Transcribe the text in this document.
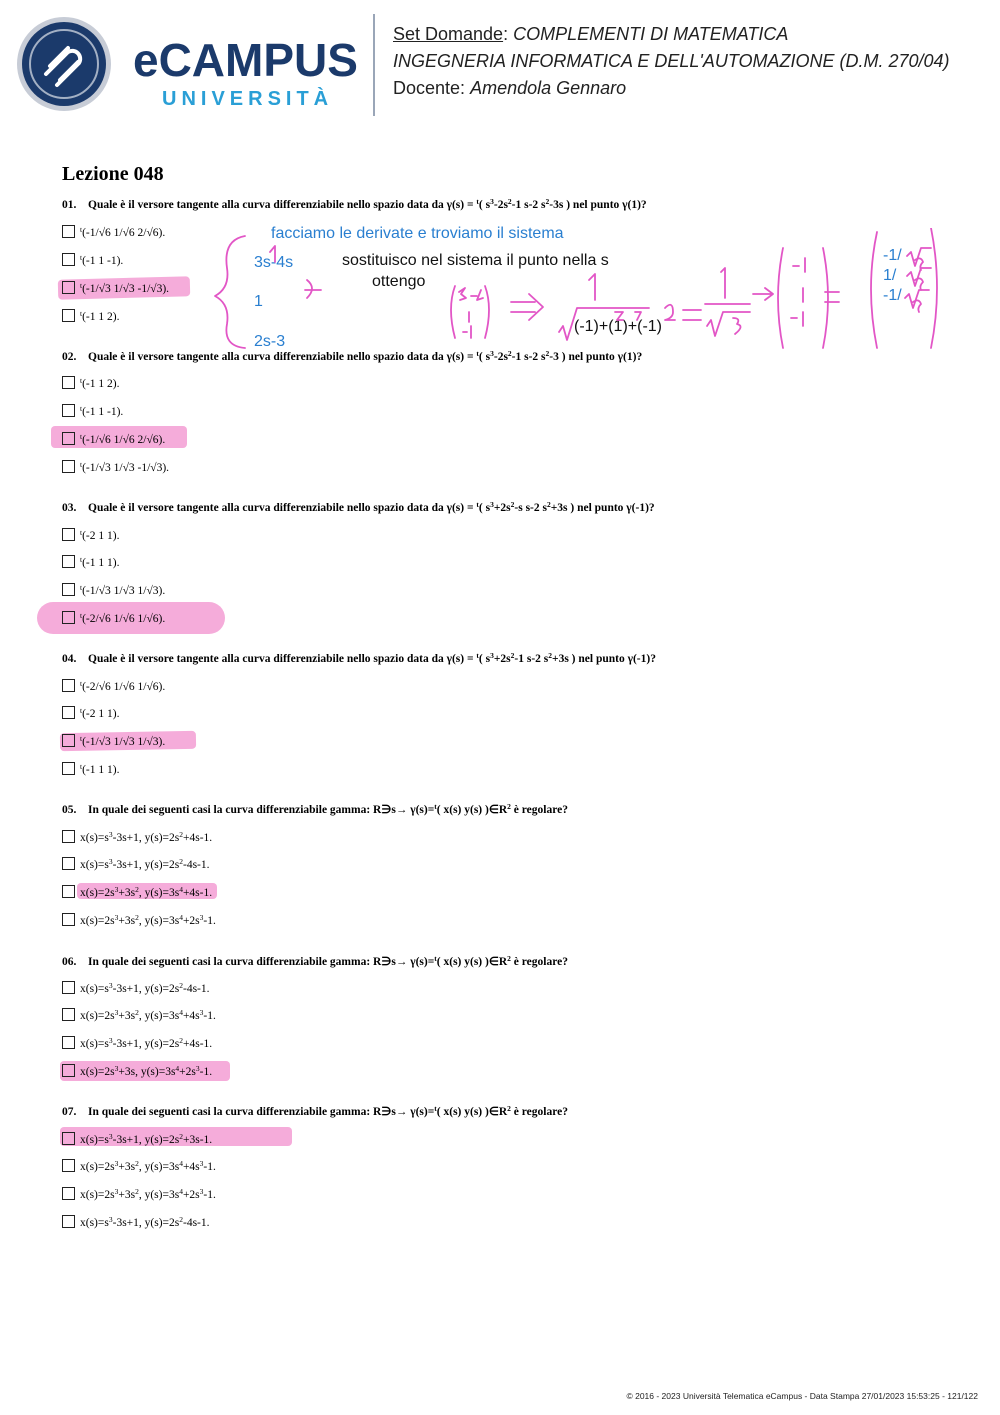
eCAMPUS
UNIVERSITÀ
Set Domande: COMPLEMENTI DI MATEMATICA
INGEGNERIA INFORMATICA E DELL'AUTOMAZIONE (D.M. 270/04)
Docente: Amendola Gennaro
Lezione 048
01. Quale è il versore tangente alla curva differenziabile nello spazio data da γ(s) = $^t$( $s^3-2s^2-1$ s-2 $s^2-3s$ ) nel punto γ(1)?
$^t$(-1/√6 1/√6 2/√6).
$^t$(-1 1 -1).
$^t$(-1/√3 1/√3 -1/√3).
$^t$(-1 1 2).
02. Quale è il versore tangente alla curva differenziabile nello spazio data da γ(s) = $^t$( $s^3-2s^2-1$ s-2 $s^2-3$ ) nel punto γ(1)?
$^t$(-1 1 2).
$^t$(-1 1 -1).
$^t$(-1/√6 1/√6 2/√6).
$^t$(-1/√3 1/√3 -1/√3).
03. Quale è il versore tangente alla curva differenziabile nello spazio data da γ(s) = $^t$( $s^3+2s^2-s$ s-2 $s^2+3s$ ) nel punto γ(-1)?
$^t$(-2 1 1).
$^t$(-1 1 1).
$^t$(-1/√3 1/√3 1/√3).
$^t$(-2/√6 1/√6 1/√6).
04. Quale è il versore tangente alla curva differenziabile nello spazio data da γ(s) = $^t$( $s^3+2s^2-1$ s-2 $s^2+3s$ ) nel punto γ(-1)?
$^t$(-2/√6 1/√6 1/√6).
$^t$(-2 1 1).
$^t$(-1/√3 1/√3 1/√3).
$^t$(-1 1 1).
05. In quale dei seguenti casi la curva differenziabile gamma: R∋s→ γ(s)=$^t$( x(s) y(s) )$\in R^2$ è regolare?
$x(s)=s^3-3s+1$, $y(s)=2s^2+4s-1$.
$x(s)=s^3-3s+1$, $y(s)=2s^2-4s-1$.
$x(s)=2s^3+3s^2$, $y(s)=3s^4+4s-1$.
$x(s)=2s^3+3s^2$, $y(s)=3s^4+2s^3-1$.
06. In quale dei seguenti casi la curva differenziabile gamma: R∋s→ γ(s)=$^t$( x(s) y(s) )$\in R^2$ è regolare?
$x(s)=s^3-3s+1$, $y(s)=2s^2-4s-1$.
$x(s)=2s^3+3s^2$, $y(s)=3s^4+4s^3-1$.
$x(s)=s^3-3s+1$, $y(s)=2s^2+4s-1$.
$x(s)=2s^3+3s$, $y(s)=3s^4+2s^3-1$.
07. In quale dei seguenti casi la curva differenziabile gamma: R∋s→ γ(s)=$^t$( x(s) y(s) )$\in R^2$ è regolare?
$x(s)=s^3-3s+1$, $y(s)=2s^2+3s-1$.
$x(s)=2s^3+3s^2$, $y(s)=3s^4+4s^3-1$.
$x(s)=2s^3+3s^2$, $y(s)=3s^4+2s^3-1$.
$x(s)=s^3-3s+1$, $y(s)=2s^2-4s-1$.
facciamo le derivate e troviamo il sistema
3s-4s
1
2s-3
sostituisco nel sistema il punto nella s
ottengo
(-1)+(1)+(-1)
-1/
1/
-1/
© 2016 - 2023 Università Telematica eCampus - Data Stampa 27/01/2023 15:53:25 - 121/122
